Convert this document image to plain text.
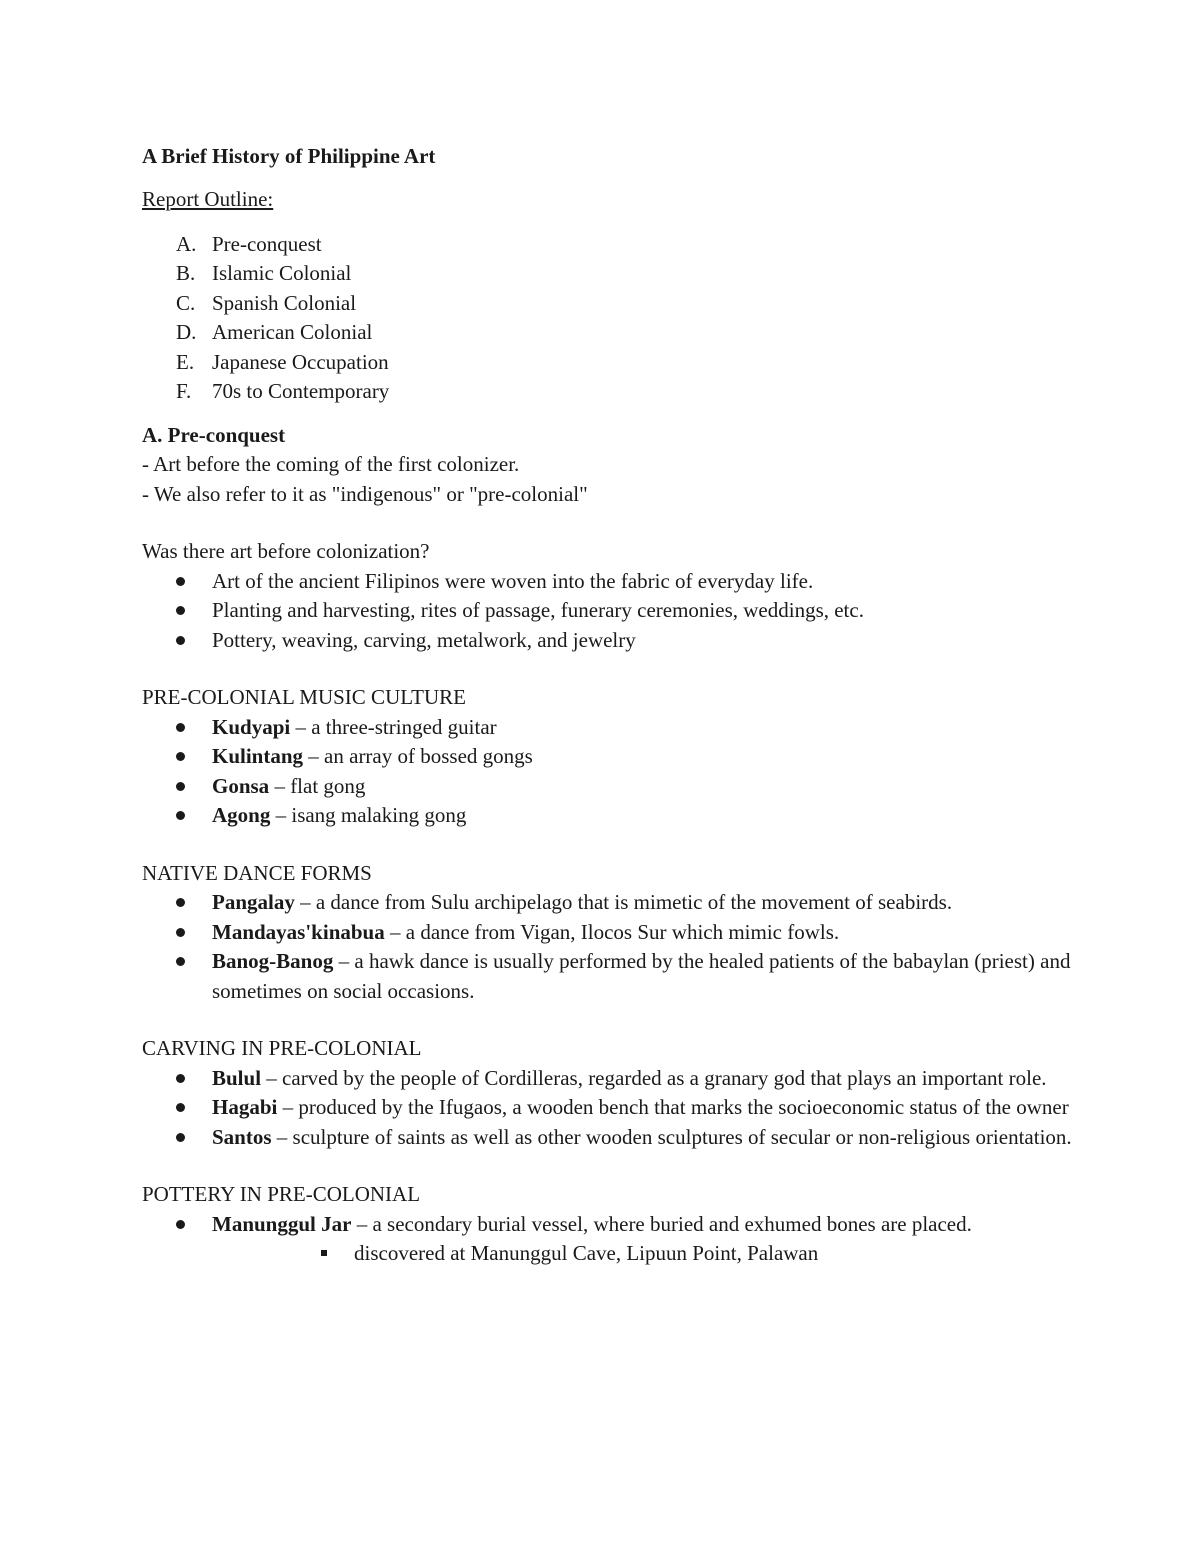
A Brief History of Philippine Art
Report Outline:
A. Pre-conquest
B. Islamic Colonial
C. Spanish Colonial
D. American Colonial
E. Japanese Occupation
F. 70s to Contemporary
A. Pre-conquest
- Art before the coming of the first colonizer.
- We also refer to it as "indigenous" or "pre-colonial"
Was there art before colonization?
Art of the ancient Filipinos were woven into the fabric of everyday life.
Planting and harvesting, rites of passage, funerary ceremonies, weddings, etc.
Pottery, weaving, carving, metalwork, and jewelry
PRE-COLONIAL MUSIC CULTURE
Kudyapi – a three-stringed guitar
Kulintang – an array of bossed gongs
Gonsa – flat gong
Agong – isang malaking gong
NATIVE DANCE FORMS
Pangalay – a dance from Sulu archipelago that is mimetic of the movement of seabirds.
Mandayas'kinabua – a dance from Vigan, Ilocos Sur which mimic fowls.
Banog-Banog – a hawk dance is usually performed by the healed patients of the babaylan (priest) and sometimes on social occasions.
CARVING IN PRE-COLONIAL
Bulul – carved by the people of Cordilleras, regarded as a granary god that plays an important role.
Hagabi – produced by the Ifugaos, a wooden bench that marks the socioeconomic status of the owner
Santos – sculpture of saints as well as other wooden sculptures of secular or non-religious orientation.
POTTERY IN PRE-COLONIAL
Manunggul Jar – a secondary burial vessel, where buried and exhumed bones are placed.
discovered at Manunggul Cave, Lipuun Point, Palawan
